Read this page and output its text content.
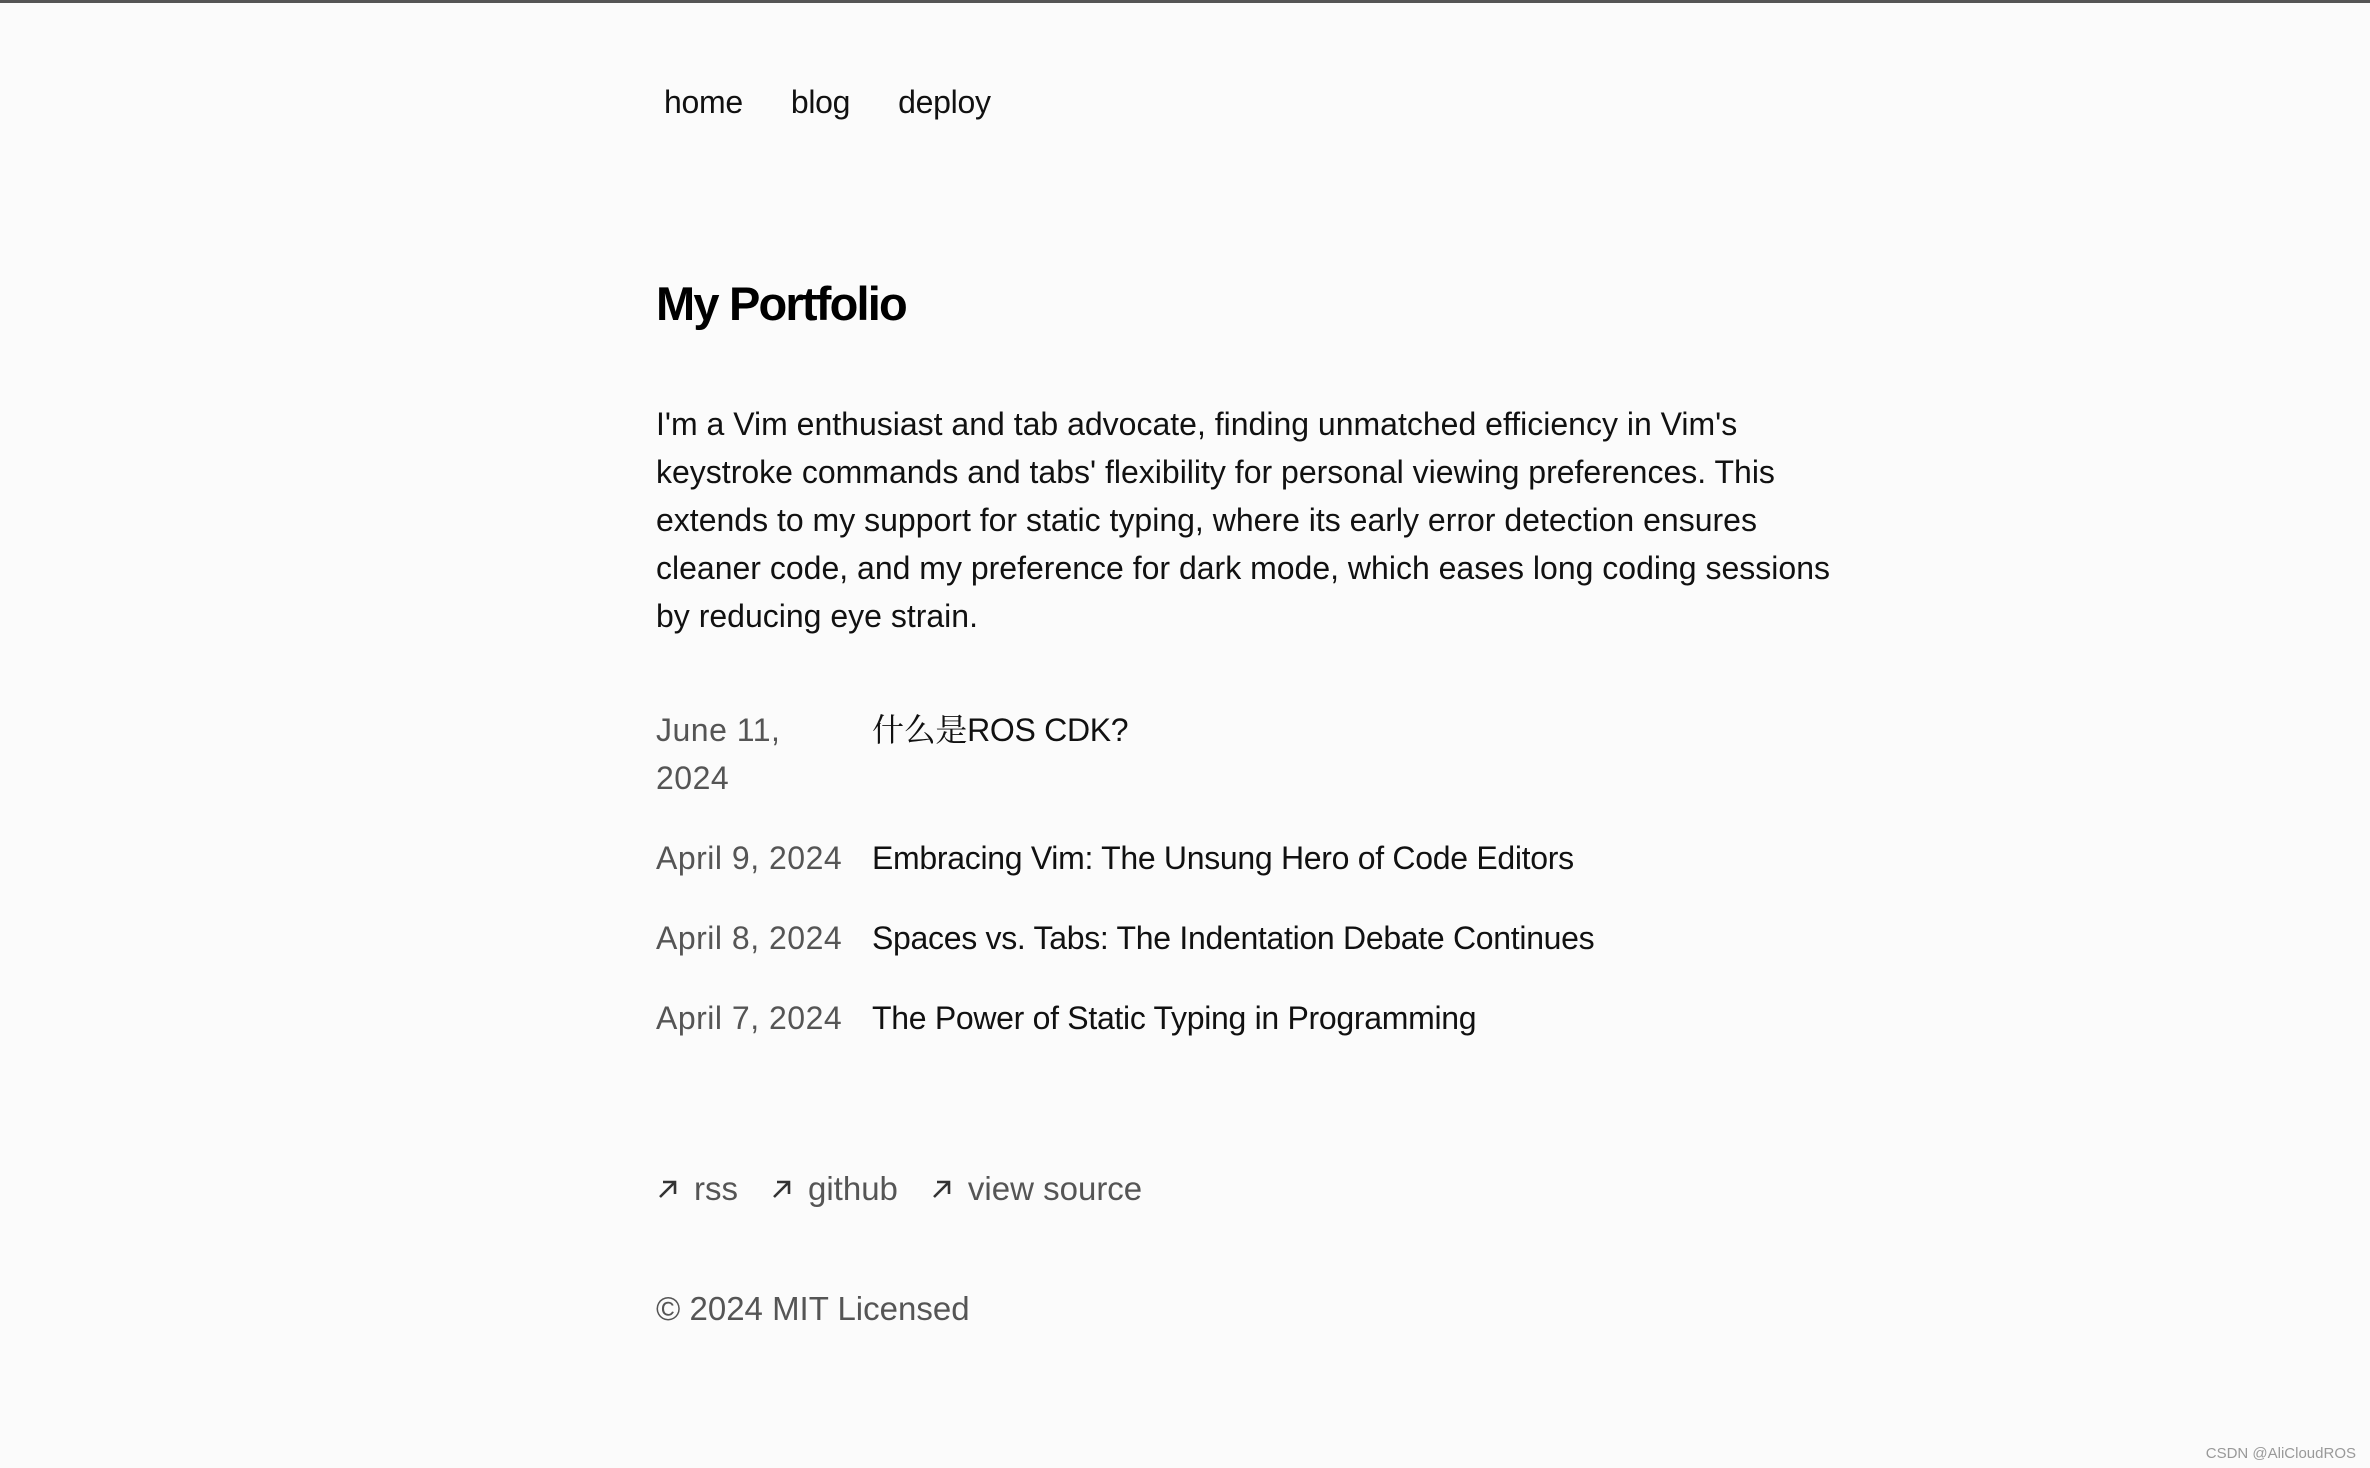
home blog deploy
My Portfolio

I'm a Vim enthusiast and tab advocate, finding unmatched efficiency in Vim's keystroke commands and tabs' flexibility for personal viewing preferences. This extends to my support for static typing, where its early error detection ensures cleaner code, and my preference for dark mode, which eases long coding sessions by reducing eye strain.

June 11, 2024
什么是ROS CDK?
April 9, 2024 Embracing Vim: The Unsung Hero of Code Editors
April 8, 2024 Spaces vs. Tabs: The Indentation Debate Continues
April 7, 2024 The Power of Static Typing in Programming
rss github view source
© 2024 MIT Licensed
CSDN @AliCloudROS
